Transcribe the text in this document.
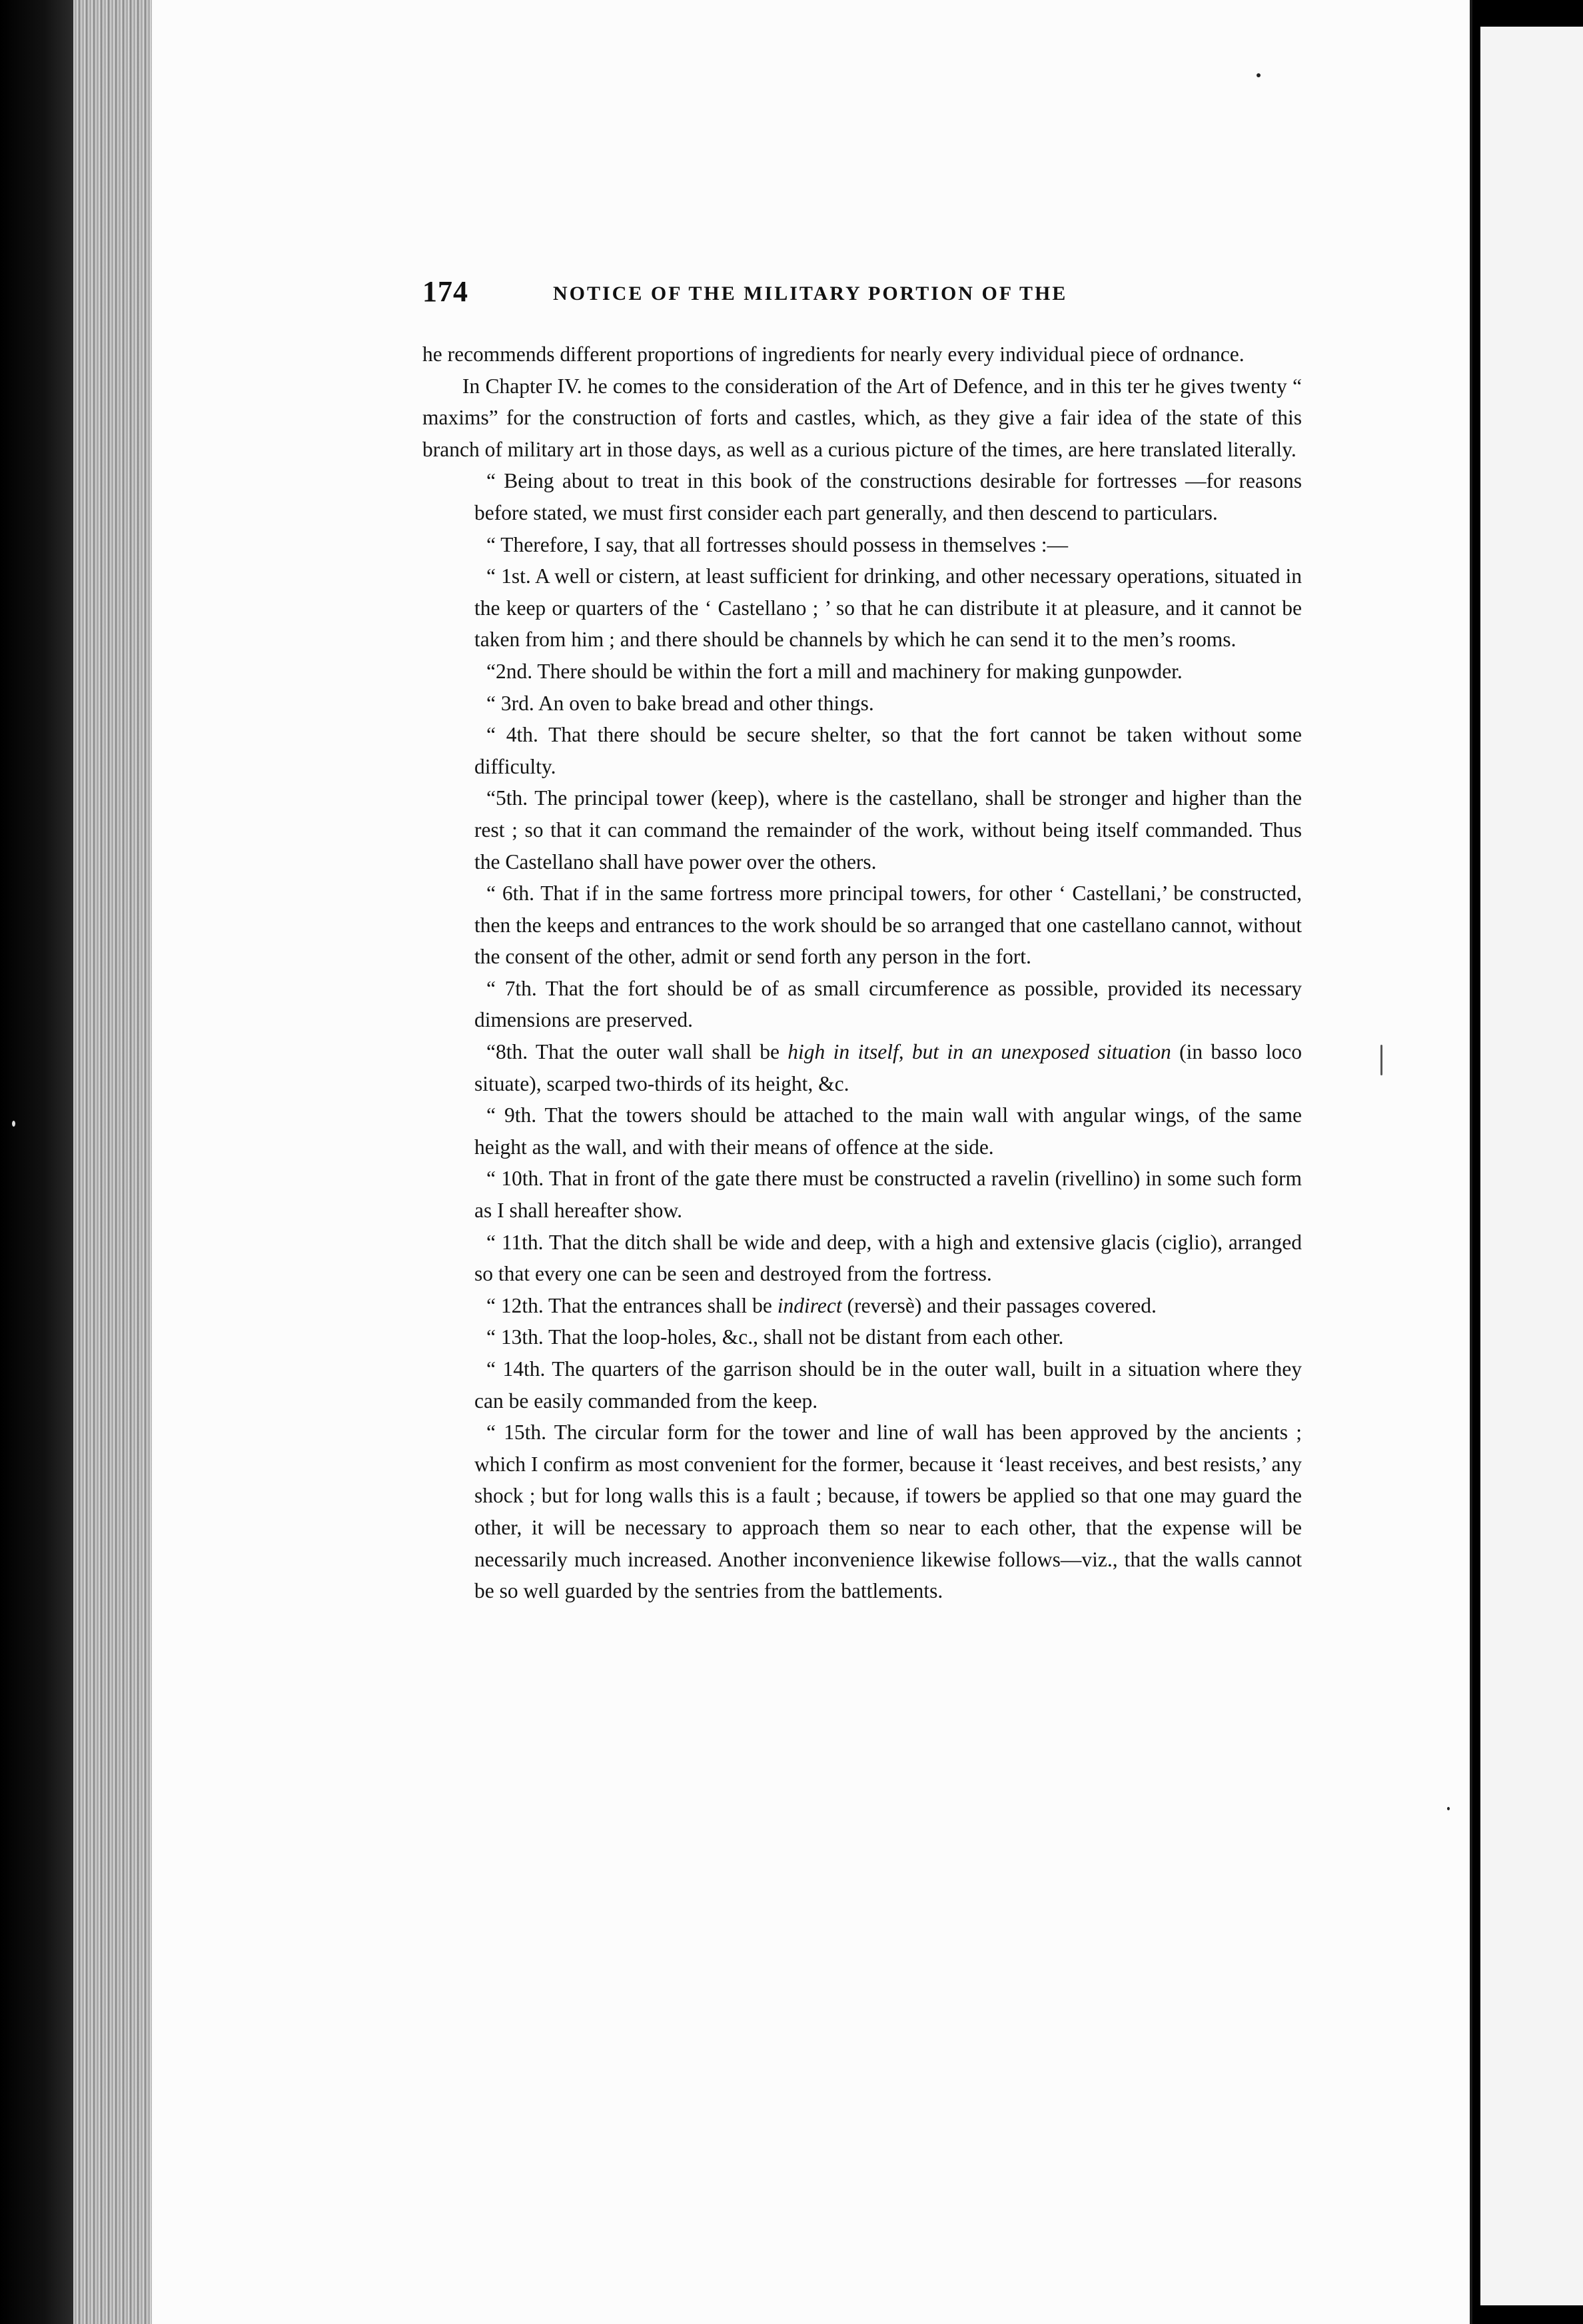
174	NOTICE OF THE MILITARY PORTION OF THE

he recommends different proportions of ingredients for nearly every individual piece of ordnance.

In Chapter IV. he comes to the consideration of the Art of Defence, and in this ter he gives twenty “ maxims” for the construction of forts and castles, which, as they give a fair idea of the state of this branch of military art in those days, as well as a curious picture of the times, are here translated literally.

“ Being about to treat in this book of the constructions desirable for fortresses —for reasons before stated, we must first consider each part generally, and then descend to particulars.

“ Therefore, I say, that all fortresses should possess in themselves :—

“ 1st. A well or cistern, at least sufficient for drinking, and other necessary operations, situated in the keep or quarters of the ‘ Castellano ; ’ so that he can distribute it at pleasure, and it cannot be taken from him ; and there should be channels by which he can send it to the men’s rooms.

“2nd. There should be within the fort a mill and machinery for making gunpowder.

“ 3rd. An oven to bake bread and other things.

“ 4th. That there should be secure shelter, so that the fort cannot be taken without some difficulty.

“5th. The principal tower (keep), where is the castellano, shall be stronger and higher than the rest ; so that it can command the remainder of the work, without being itself commanded. Thus the Castellano shall have power over the others.

“ 6th. That if in the same fortress more principal towers, for other ‘ Castellani,’ be constructed, then the keeps and entrances to the work should be so arranged that one castellano cannot, without the consent of the other, admit or send forth any person in the fort.

“ 7th. That the fort should be of as small circumference as possible, provided its necessary dimensions are preserved.

“8th. That the outer wall shall be high in itself, but in an unexposed situation (in basso loco situate), scarped two-thirds of its height, &c.

“ 9th. That the towers should be attached to the main wall with angular wings, of the same height as the wall, and with their means of offence at the side.

“ 10th. That in front of the gate there must be constructed a ravelin (rivellino) in some such form as I shall hereafter show.

“ 11th. That the ditch shall be wide and deep, with a high and extensive glacis (ciglio), arranged so that every one can be seen and destroyed from the fortress.

“ 12th. That the entrances shall be indirect (reversè) and their passages covered.

“ 13th. That the loop-holes, &c., shall not be distant from each other.

“ 14th. The quarters of the garrison should be in the outer wall, built in a situation where they can be easily commanded from the keep.

“ 15th. The circular form for the tower and line of wall has been approved by the ancients ; which I confirm as most convenient for the former, because it ‘least receives, and best resists,’ any shock ; but for long walls this is a fault ; because, if towers be applied so that one may guard the other, it will be necessary to approach them so near to each other, that the expense will be necessarily much increased. Another inconvenience likewise follows—viz., that the walls cannot be so well guarded by the sentries from the battlements.
